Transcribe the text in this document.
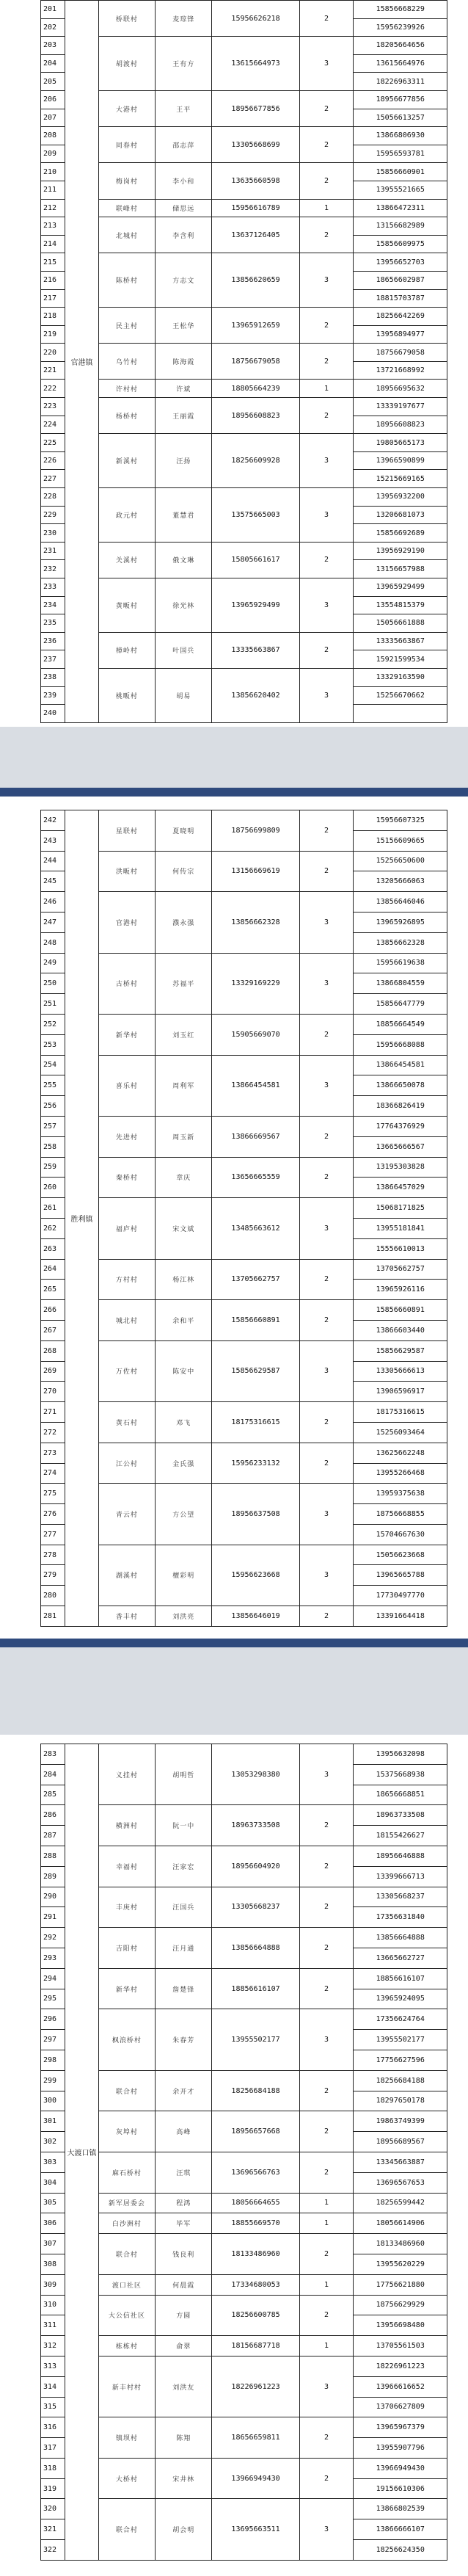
201	官港镇	桥联村	麦琼锋	15956626218	2	15856668229
202						15956239926
203		胡渡村	王有方	13615664973	3	18205664656
204						13615664976
205						18226963311
206		大港村	王平	18956677856	2	18956677856
207						15056613257
208		同春村	邵志萍	13305668699	2	13866806930
209						15956593781
210		梅岗村	李小和	13635660598	2	15856660901
211						13955521665
212		联峰村	储思远	15956616789	1	13866472311
213		北城村	李含利	13637126405	2	13156682989
214						15856609975
215		陈桥村	方志文	13856620659	3	13956652703
216						18656602987
217						18815703787
218		民主村	王松华	13965912659	2	18256642269
219						13956894977
220		乌竹村	陈海霞	18756679058	2	18756679058
221						13721668992
222		许村村	许斌	18805664239	1	18956695632
223		杨桥村	王丽霞	18956608823	2	13339197677
224						18956608823
225		新溪村	汪扬	18256609928	3	19805665173
226						13966590899
227						15215669165
228		政元村	董慧君	13575665003	3	13956932200
229						13206681073
230						15856692689
231		关溪村	俄文琳	15805661617	2	13956929190
232						13156657988
233		黄畈村	徐光林	13965929499	3	13965929499
234						13554815379
235						15056661888
236		樟岭村	叶国兵	13335663867	2	13335663867
237						15921599534
238		桃畈村	胡易	13856620402	3	13329163590
239						15256670662
240						
242	胜利镇	星联村	夏晓明	18756699809	2	15956607325
243						15156609665
244		洪畈村	何传宗	13156669619	2	15256650600
245						13205666063
246		官港村	濮永强	13856662328	3	13856646046
247						13965926895
248						13856662328
249		古桥村	苏福平	13329169229	3	15956619638
250						13866804559
251						15856647779
252		新华村	刘玉红	15905669070	2	18856664549
253						15956668088
254		喜乐村	周利军	13866454581	3	13866454581
255						13866650078
256						18366826419
257		先进村	周玉新	13866669567	2	17764376929
258						13665666567
259		秦桥村	章庆	13656665559	2	13195303828
260						13866457029
261		福庐村	宋文斌	13485663612	3	15068171825
262						13955181841
263						15556610013
264		方村村	杨江林	13705662757	2	13705662757
265						13965926116
266		城北村	余和平	15856660891	2	15856660891
267						13866603440
268		万佐村	陈安中	15856629587	3	15856629587
269						13305666613
270						13906596917
271		黄石村	邓飞	18175316615	2	18175316615
272						15256093464
273		江公村	金氏强	15956233132	2	13625662248
274						13955266468
275		青云村	方公望	18956637508	3	13959375638
276						18756668855
277						15704667630
278		湖溪村	檀彩明	15956623668	3	15056623668
279						13965665788
280						17730497770
281		香丰村	刘洪亮	13856646019	2	13391664418
283	大渡口镇	义挂村	胡明哲	13053298380	3	13956632098
284						15375668938
285						18656668851
286		横洲村	阮一中	18963733508	2	18963733508
287						18155426627
288		幸福村	汪家宏	18956604920	2	18956646888
289						13399666713
290		丰庚村	汪国兵	13305668237	2	13305668237
291						17356631840
292		吉阳村	汪月通	13856664888	2	13856664888
293						13665662727
294		新华村	詹楚锋	18856616107	2	18856616107
295						13965924095
296		枫浪桥村	朱春芳	13955502177	3	17356624764
297						13955502177
298						17756627596
299		联合村	余开才	18256684188	2	18256684188
300						18297650178
301		灰埠村	高峰	18956657668	2	19863749399
302						18956689567
303		麻石桥村	汪琪	13696566763	2	13345663887
304						13696567653
305		新军居委会	程鸿	18056664655	1	18256599442
306		白沙洲村	毕军	18855669570	1	18056614906
307		联合村	钱良利	18133486960	2	18133486960
308						13955620229
309		渡口社区	何晨霞	17334680053	1	17756621880
310		大公信社区	方圆	18256600785	2	18756629929
311						13956698480
312		栋栋村	俞翠	18156687718	1	13705561503
313		新丰村村	刘洪友	18226961223	3	18226961223
314						13966616652
315						13706627809
316		镇坝村	陈翔	18656659811	2	13965967379
317						13955907796
318		大桥村	宋井林	13966949430	2	13966949430
319						19156610306
320		联合村	胡会明	13695663511	3	13866802539
321						13866666107
322						18256624350
